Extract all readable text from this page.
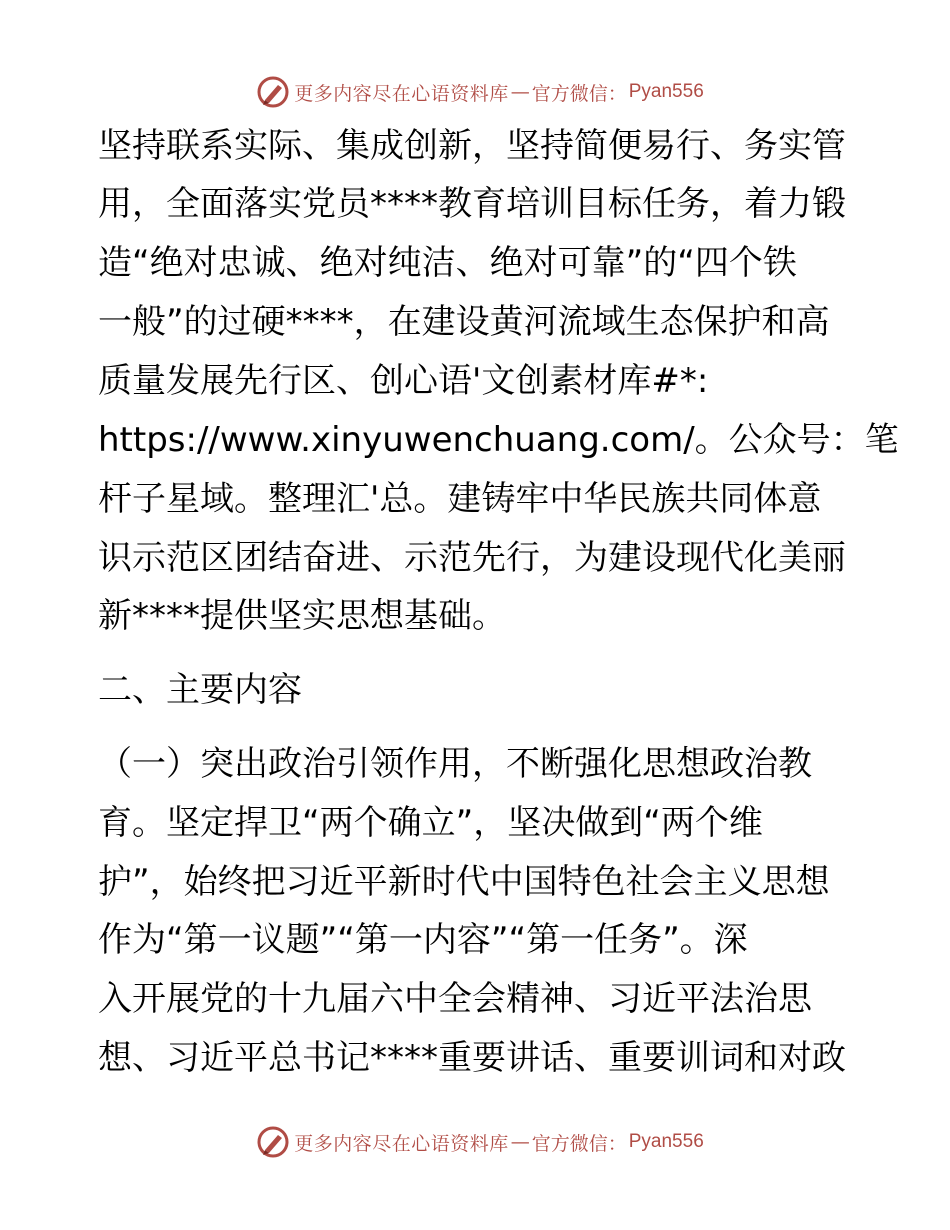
更多内容尽在心语资料库 — 官方微信： Pyan556
坚持联系实际、集成创新，坚持简便易行、务实管
用，全面落实党员****教育培训目标任务，着力锻
造“绝对忠诚、绝对纯洁、绝对可靠”的“四个铁
一般”的过硬****，在建设黄河流域生态保护和高
质量发展先行区、创心语'文创素材库#*:
https://www.xinyuwenchuang.com/。公众号：笔
杆子星域。整理汇'总。建铸牢中华民族共同体意
识示范区团结奋进、示范先行，为建设现代化美丽
新****提供坚实思想基础。
二、主要内容
（一）突出政治引领作用，不断强化思想政治教
育。坚定捍卫“两个确立”，坚决做到“两个维
护”，始终把习近平新时代中国特色社会主义思想
作为“第一议题”“第一内容”“第一任务”。深
入开展党的十九届六中全会精神、习近平法治思
想、习近平总书记****重要讲话、重要训词和对政
更多内容尽在心语资料库 — 官方微信： Pyan556
